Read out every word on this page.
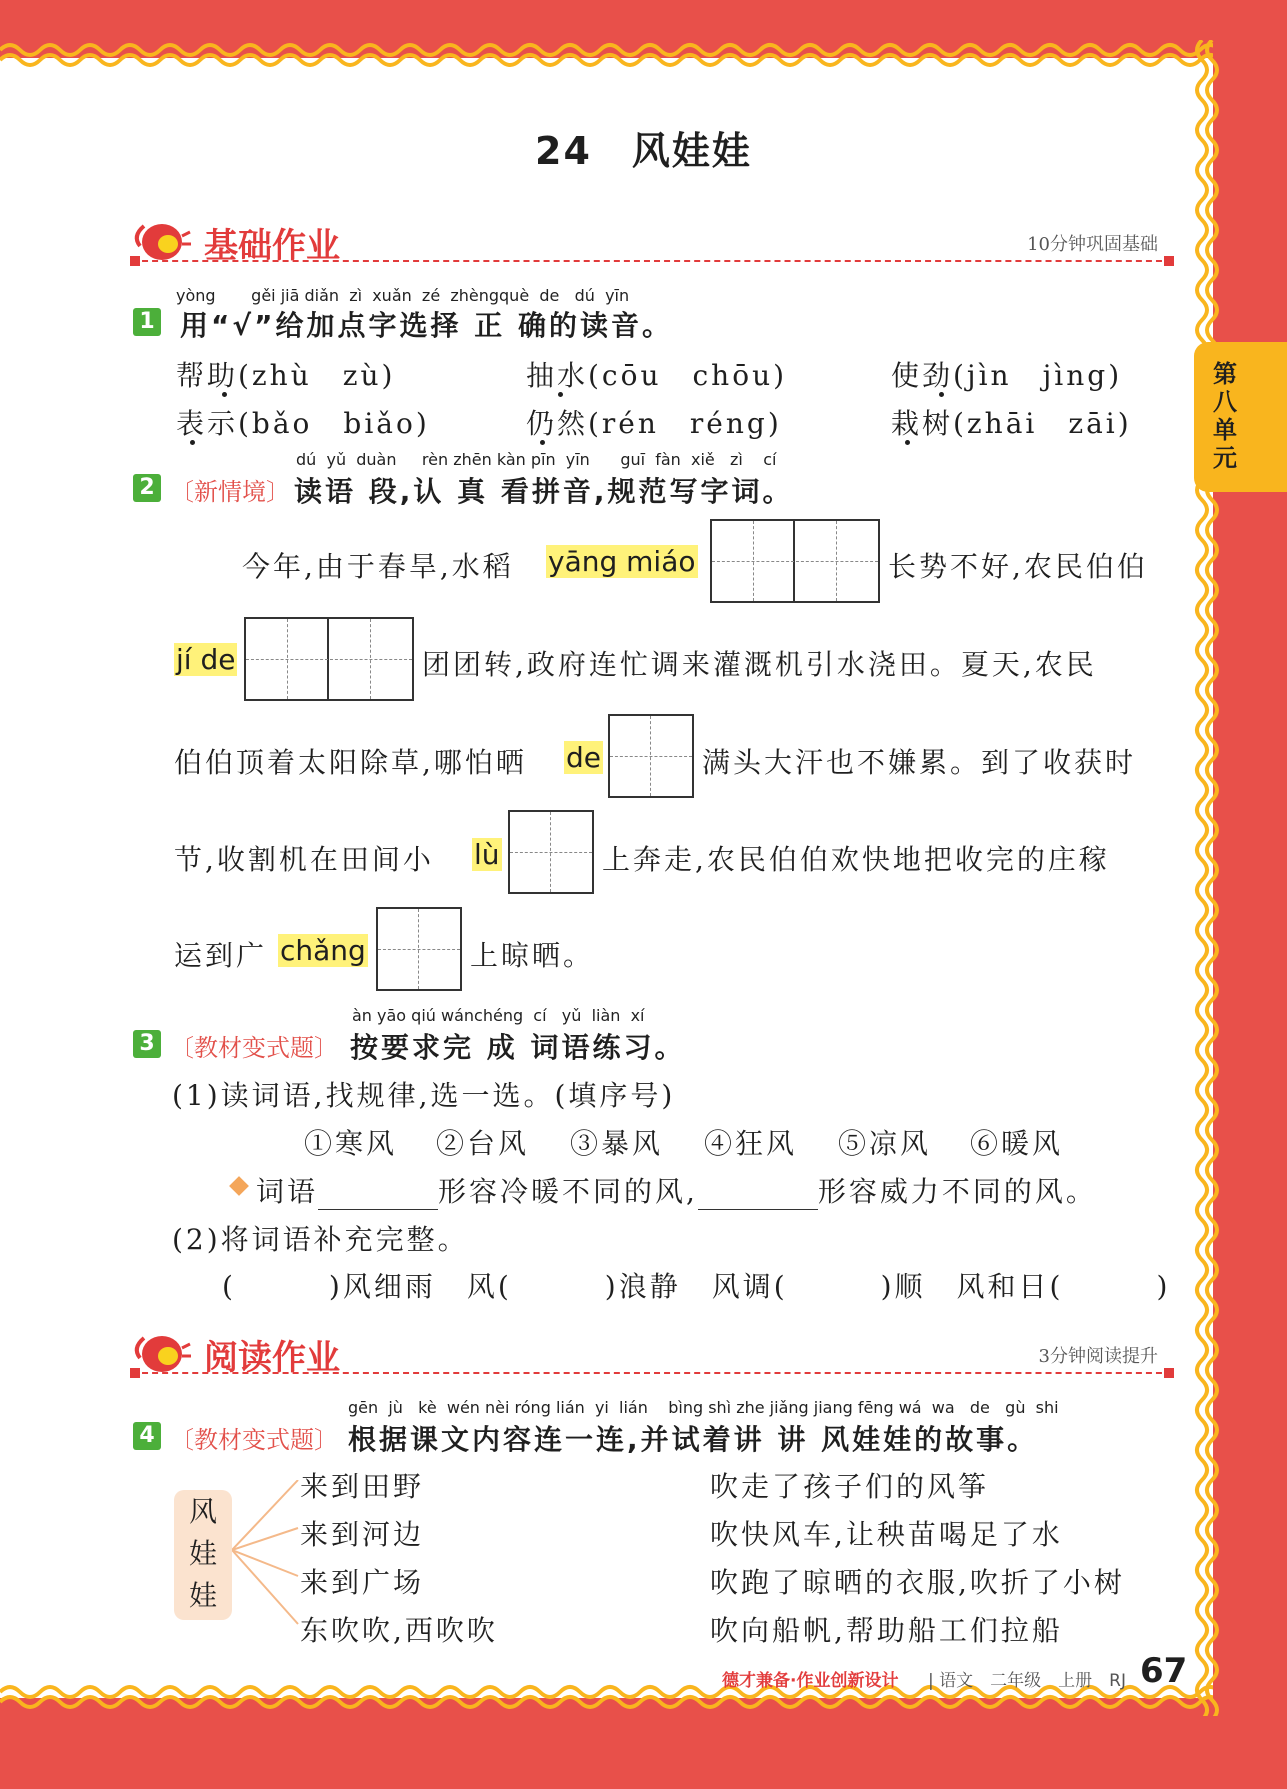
24　风娃娃
第八单元
基础作业	10分钟巩固基础
yòng       gěi jiā diǎn  zì  xuǎn  zé  zhèngquè  de   dú  yīn
1 用“√”给加点字选择 正 确的读音。
帮助(zhù　zù)	抽水(cōu　chōu)	使劲(jìn　jìng)
表示(bǎo　biǎo)	仍然(rén　réng)	栽树(zhāi　zāi)
dú  yǔ  duàn     rèn zhēn kàn pīn  yīn      guī  fàn  xiě   zì    cí
2 〔新情境〕 读语 段,认 真 看拼音,规范写字词。
今年,由于春旱,水稻 yāng miáo	长势不好,农民伯伯
jí de	团团转,政府连忙调来灌溉机引水浇田。夏天,农民
伯伯顶着太阳除草,哪怕晒 de	满头大汗也不嫌累。到了收获时
节,收割机在田间小 lù	上奔走,农民伯伯欢快地把收完的庄稼
运到广 chǎng	上晾晒。
àn yāo qiú wánchéng  cí   yǔ  liàn  xí
3 〔教材变式题〕 按要求完 成 词语练习。
(1)读词语,找规律,选一选。(填序号)
①寒风 ②台风 ③暴风 ④狂风 ⑤凉风 ⑥暖风
词语	形容冷暖不同的风,	形容威力不同的风。
(2)将词语补充完整。
(　　　)风细雨　风(　　　)浪静　风调(　　　)顺　风和日(　　　)
阅读作业	3分钟阅读提升
gēn  jù   kè  wén nèi róng lián  yi  lián    bìng shì zhe jiǎng jiang fēng wá  wa   de   gù  shi
4 〔教材变式题〕 根据课文内容连一连,并试着讲 讲 风娃娃的故事。
风
娃
娃
来到田野
来到河边
来到广场
东吹吹,西吹吹
吹走了孩子们的风筝
吹快风车,让秧苗喝足了水
吹跑了晾晒的衣服,吹折了小树
吹向船帆,帮助船工们拉船
德才兼备·作业创新设计 | 语文　二年级　上册　RJ 67
